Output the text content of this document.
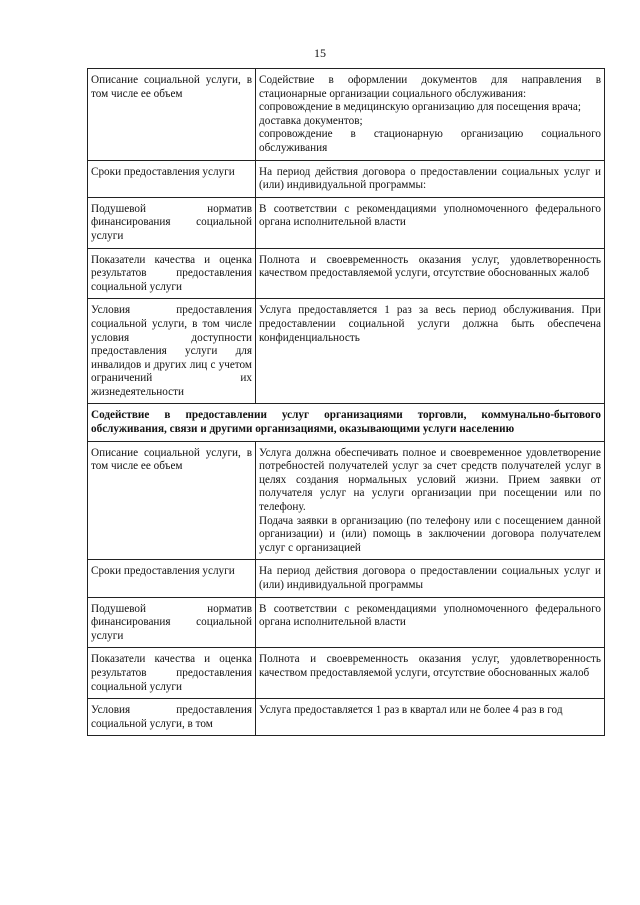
15
Описание социальной услуги, в том числе ее объем	Содействие в оформлении документов для направления в стационарные организации социального обслуживания:
сопровождение в медицинскую организацию для посещения врача;
доставка документов;
сопровождение в стационарную организацию социального обслуживания

Сроки предоставления услуги	На период действия договора о предоставлении социальных услуг и (или) индивидуальной программы:

Подушевой норматив финансирования социальной услуги	В соответствии с рекомендациями уполномоченного федерального органа исполнительной власти

Показатели качества и оценка результатов предоставления социальной услуги	Полнота и своевременность оказания услуг, удовлетворенность качеством предоставляемой услуги, отсутствие обоснованных жалоб

Условия предоставления социальной услуги, в том числе условия доступности предоставления услуги для инвалидов и других лиц с учетом ограничений их жизнедеятельности	Услуга предоставляется 1 раз за весь период обслуживания. При предоставлении социальной услуги должна быть обеспечена конфиденциальность

Содействие в предоставлении услуг организациями торговли, коммунально-бытового обслуживания, связи и другими организациями, оказывающими услуги населению	
Описание социальной услуги, в том числе ее объем	Услуга должна обеспечивать полное и своевременное удовлетворение потребностей получателей услуг за счет средств получателей услуг в целях создания нормальных условий жизни. Прием заявки от получателя услуг на услуги организации при посещении или по телефону.
Подача заявки в организацию (по телефону или с посещением данной организации) и (или) помощь в заключении договора получателем услуг с организацией

Сроки предоставления услуги	На период действия договора о предоставлении социальных услуг и (или) индивидуальной программы

Подушевой норматив финансирования социальной услуги	В соответствии с рекомендациями уполномоченного федерального органа исполнительной власти

Показатели качества и оценка результатов предоставления социальной услуги	Полнота и своевременность оказания услуг, удовлетворенность качеством предоставляемой услуги, отсутствие обоснованных жалоб

Условия предоставления социальной услуги, в том	Услуга предоставляется 1 раз в квартал или не более 4 раз в год
